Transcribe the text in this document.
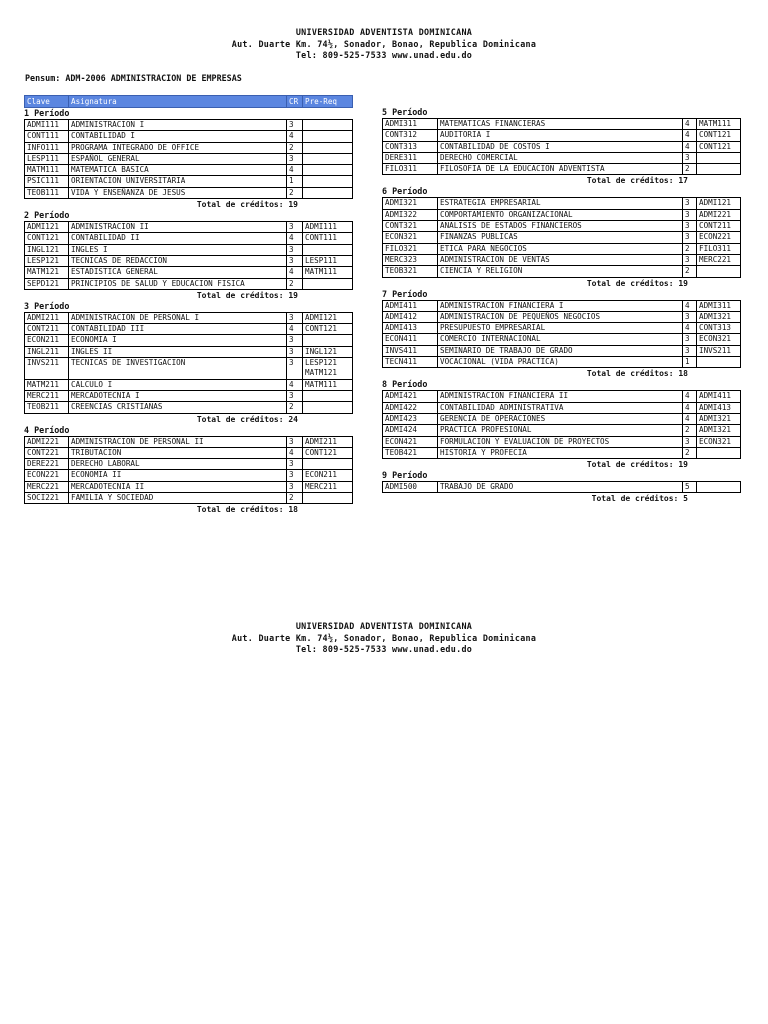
UNIVERSIDAD ADVENTISTA DOMINICANA
Aut. Duarte Km. 74½, Sonador, Bonao, Republica Dominicana
Tel: 809-525-7533 www.unad.edu.do
Pensum: ADM-2006 ADMINISTRACION DE EMPRESAS
Clave	Asignatura	CR	Pre-Req
1 Período
ADMI111	ADMINISTRACION I	3	
CONT111	CONTABILIDAD I	4	
INFO111	PROGRAMA INTEGRADO DE OFFICE	2	
LESP111	ESPAÑOL GENERAL	3	
MATM111	MATEMATICA BASICA	4	
PSIC111	ORIENTACION UNIVERSITARIA	1	
TEOB111	VIDA Y ENSEÑANZA DE JESUS	2	
Total de créditos: 19
2 Período
ADMI121	ADMINISTRACION II	3	ADMI111
CONT121	CONTABILIDAD II	4	CONT111
INGL121	INGLES I	3	
LESP121	TECNICAS DE REDACCION	3	LESP111
MATM121	ESTADISTICA GENERAL	4	MATM111
SEPD121	PRINCIPIOS DE SALUD Y EDUCACION FISICA	2	
Total de créditos: 19
3 Período
ADMI211	ADMINISTRACION DE PERSONAL I	3	ADMI121
CONT211	CONTABILIDAD III	4	CONT121
ECON211	ECONOMIA I	3	
INGL211	INGLES II	3	INGL121
INVS211	TECNICAS DE INVESTIGACION	3	LESP121
MATM121
MATM211	CALCULO I	4	MATM111
MERC211	MERCADOTECNIA I	3	
TEOB211	CREENCIAS CRISTIANAS	2	
Total de créditos: 24
4 Período
ADMI221	ADMINISTRACION DE PERSONAL II	3	ADMI211
CONT221	TRIBUTACION	4	CONT121
DERE221	DERECHO LABORAL	3	
ECON221	ECONOMIA II	3	ECON211
MERC221	MERCADOTECNIA II	3	MERC211
SOCI221	FAMILIA Y SOCIEDAD	2	
Total de créditos: 18
5 Período
ADMI311	MATEMATICAS FINANCIERAS	4	MATM111
CONT312	AUDITORIA I	4	CONT121
CONT313	CONTABILIDAD DE COSTOS I	4	CONT121
DERE311	DERECHO COMERCIAL	3	
FILO311	FILOSOFIA DE LA EDUCACION ADVENTISTA	2	
Total de créditos: 17
6 Período
ADMI321	ESTRATEGIA EMPRESARIAL	3	ADMI121
ADMI322	COMPORTAMIENTO ORGANIZACIONAL	3	ADMI221
CONT321	ANALISIS DE ESTADOS FINANCIEROS	3	CONT211
ECON321	FINANZAS PUBLICAS	3	ECON221
FILO321	ETICA PARA NEGOCIOS	2	FILO311
MERC323	ADMINISTRACION DE VENTAS	3	MERC221
TEOB321	CIENCIA Y RELIGION	2	
Total de créditos: 19
7 Período
ADMI411	ADMINISTRACION FINANCIERA I	4	ADMI311
ADMI412	ADMINISTRACION DE PEQUEÑOS NEGOCIOS	3	ADMI321
ADMI413	PRESUPUESTO EMPRESARIAL	4	CONT313
ECON411	COMERCIO INTERNACIONAL	3	ECON321
INVS411	SEMINARIO DE TRABAJO DE GRADO	3	INVS211
TECN411	VOCACIONAL (VIDA PRACTICA)	1	
Total de créditos: 18
8 Período
ADMI421	ADMINISTRACION FINANCIERA II	4	ADMI411
ADMI422	CONTABILIDAD ADMINISTRATIVA	4	ADMI413
ADMI423	GERENCIA DE OPERACIONES	4	ADMI321
ADMI424	PRACTICA PROFESIONAL	2	ADMI321
ECON421	FORMULACION Y EVALUACION DE PROYECTOS	3	ECON321
TEOB421	HISTORIA Y PROFECIA	2	
Total de créditos: 19
9 Período
ADMI500	TRABAJO DE GRADO	5	
Total de créditos: 5
UNIVERSIDAD ADVENTISTA DOMINICANA
Aut. Duarte Km. 74½, Sonador, Bonao, Republica Dominicana
Tel: 809-525-7533 www.unad.edu.do
